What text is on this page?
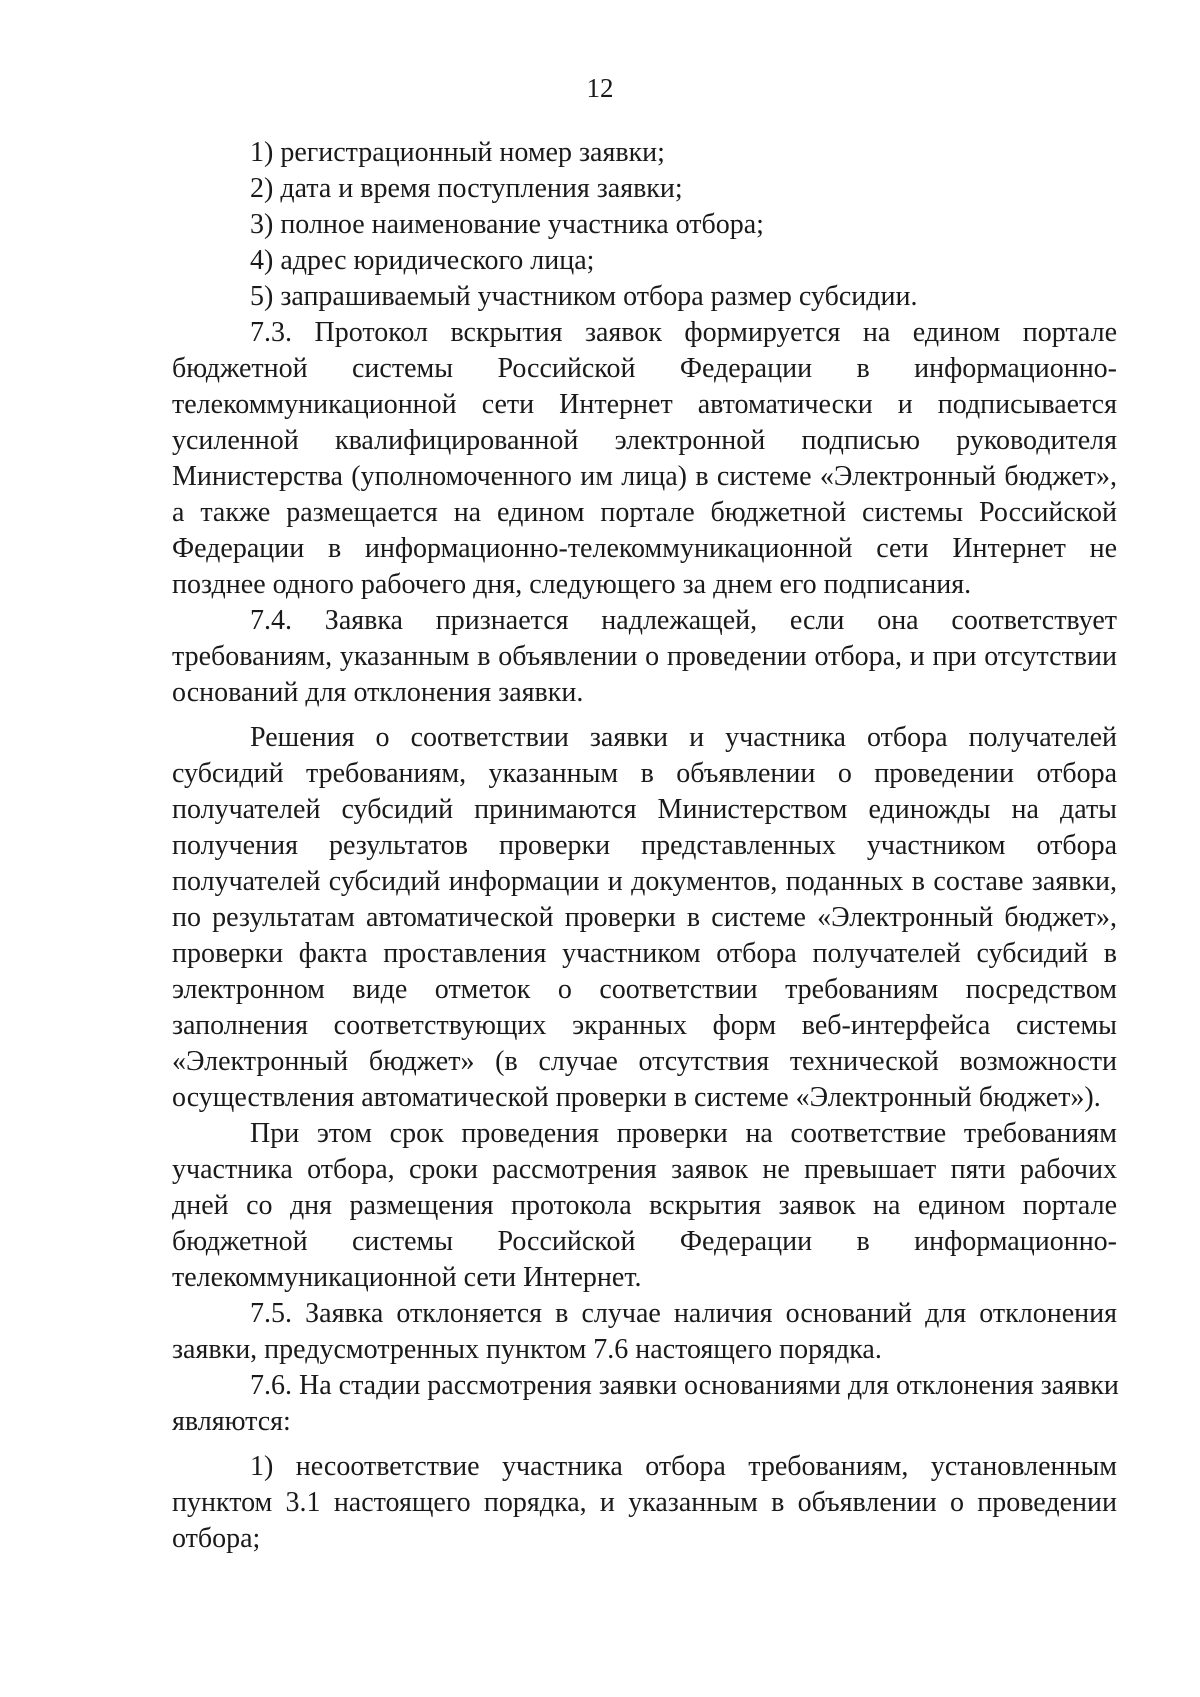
12
1) регистрационный номер заявки;
2) дата и время поступления заявки;
3) полное наименование участника отбора;
4) адрес юридического лица;
5) запрашиваемый участником отбора размер субсидии.
7.3. Протокол вскрытия заявок формируется на едином портале
бюджетной системы Российской Федерации в информационно-
телекоммуникационной сети Интернет автоматически и подписывается
усиленной квалифицированной электронной подписью руководителя
Министерства (уполномоченного им лица) в системе «Электронный бюджет»,
а также размещается на едином портале бюджетной системы Российской
Федерации в информационно-телекоммуникационной сети Интернет не
позднее одного рабочего дня, следующего за днем его подписания.
7.4. Заявка признается надлежащей, если она соответствует
требованиям, указанным в объявлении о проведении отбора, и при отсутствии
оснований для отклонения заявки.
Решения о соответствии заявки и участника отбора получателей
субсидий требованиям, указанным в объявлении о проведении отбора
получателей субсидий принимаются Министерством единожды на даты
получения результатов проверки представленных участником отбора
получателей субсидий информации и документов, поданных в составе заявки,
по результатам автоматической проверки в системе «Электронный бюджет»,
проверки факта проставления участником отбора получателей субсидий в
электронном виде отметок о соответствии требованиям посредством
заполнения соответствующих экранных форм веб-интерфейса системы
«Электронный бюджет» (в случае отсутствия технической возможности
осуществления автоматической проверки в системе «Электронный бюджет»).
При этом срок проведения проверки на соответствие требованиям
участника отбора, сроки рассмотрения заявок не превышает пяти рабочих
дней со дня размещения протокола вскрытия заявок на едином портале
бюджетной системы Российской Федерации в информационно-
телекоммуникационной сети Интернет.
7.5. Заявка отклоняется в случае наличия оснований для отклонения
заявки, предусмотренных пунктом 7.6 настоящего порядка.
7.6. На стадии рассмотрения заявки основаниями для отклонения заявки
являются:
1) несоответствие участника отбора требованиям, установленным
пунктом 3.1 настоящего порядка, и указанным в объявлении о проведении
отбора;
